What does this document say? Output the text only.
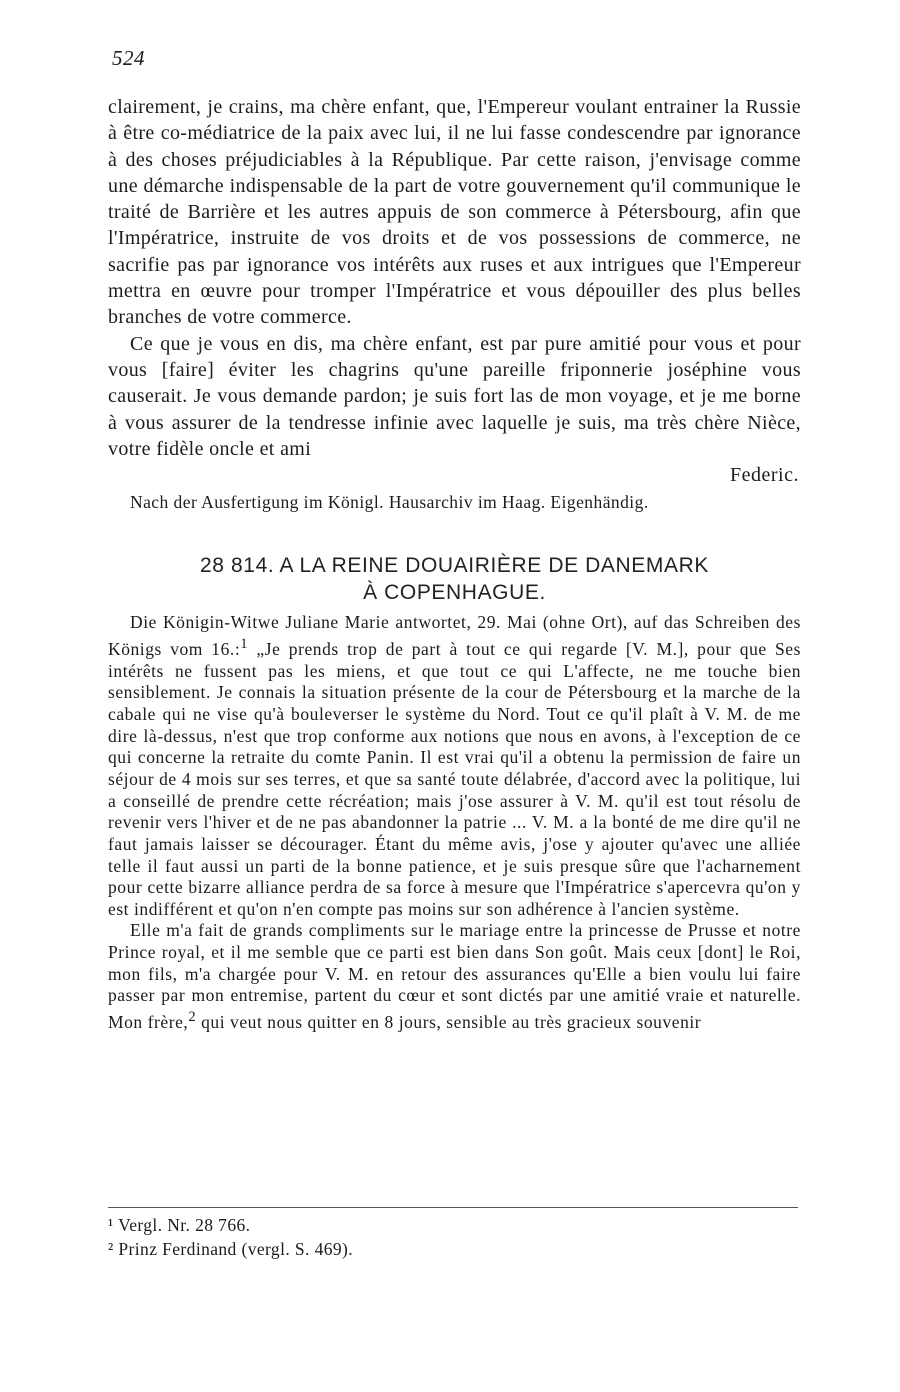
524

clairement, je crains, ma chère enfant, que, l'Empereur voulant entrainer la Russie à être co-médiatrice de la paix avec lui, il ne lui fasse condescendre par ignorance à des choses préjudiciables à la République. Par cette raison, j'envisage comme une démarche indispensable de la part de votre gouvernement qu'il communique le traité de Barrière et les autres appuis de son commerce à Pétersbourg, afin que l'Impératrice, instruite de vos droits et de vos possessions de commerce, ne sacrifie pas par ignorance vos intérêts aux ruses et aux intrigues que l'Empereur mettra en œuvre pour tromper l'Impératrice et vous dépouiller des plus belles branches de votre commerce.

Ce que je vous en dis, ma chère enfant, est par pure amitié pour vous et pour vous [faire] éviter les chagrins qu'une pareille friponnerie joséphine vous causerait. Je vous demande pardon; je suis fort las de mon voyage, et je me borne à vous assurer de la tendresse infinie avec laquelle je suis, ma très chère Nièce, votre fidèle oncle et ami

Federic.

Nach der Ausfertigung im Königl. Hausarchiv im Haag. Eigenhändig.

28 814. A LA REINE DOUAIRIÈRE DE DANEMARK
À COPENHAGUE.

Die Königin-Witwe Juliane Marie antwortet, 29. Mai (ohne Ort), auf das Schreiben des Königs vom 16.:$^1$ „Je prends trop de part à tout ce qui regarde [V. M.], pour que Ses intérêts ne fussent pas les miens, et que tout ce qui L'affecte, ne me touche bien sensiblement. Je connais la situation présente de la cour de Pétersbourg et la marche de la cabale qui ne vise qu'à bouleverser le système du Nord. Tout ce qu'il plaît à V. M. de me dire là-dessus, n'est que trop conforme aux notions que nous en avons, à l'exception de ce qui concerne la retraite du comte Panin. Il est vrai qu'il a obtenu la permission de faire un séjour de 4 mois sur ses terres, et que sa santé toute délabrée, d'accord avec la politique, lui a conseillé de prendre cette récréation; mais j'ose assurer à V. M. qu'il est tout résolu de revenir vers l'hiver et de ne pas abandonner la patrie ... V. M. a la bonté de me dire qu'il ne faut jamais laisser se décourager. Étant du même avis, j'ose y ajouter qu'avec une alliée telle il faut aussi un parti de la bonne patience, et je suis presque sûre que l'acharnement pour cette bizarre alliance perdra de sa force à mesure que l'Impératrice s'apercevra qu'on y est indifférent et qu'on n'en compte pas moins sur son adhérence à l'ancien système.

Elle m'a fait de grands compliments sur le mariage entre la princesse de Prusse et notre Prince royal, et il me semble que ce parti est bien dans Son goût. Mais ceux [dont] le Roi, mon fils, m'a chargée pour V. M. en retour des assurances qu'Elle a bien voulu lui faire passer par mon entremise, partent du cœur et sont dictés par une amitié vraie et naturelle. Mon frère,$^2$ qui veut nous quitter en 8 jours, sensible au très gracieux souvenir

¹ Vergl. Nr. 28 766.
² Prinz Ferdinand (vergl. S. 469).
